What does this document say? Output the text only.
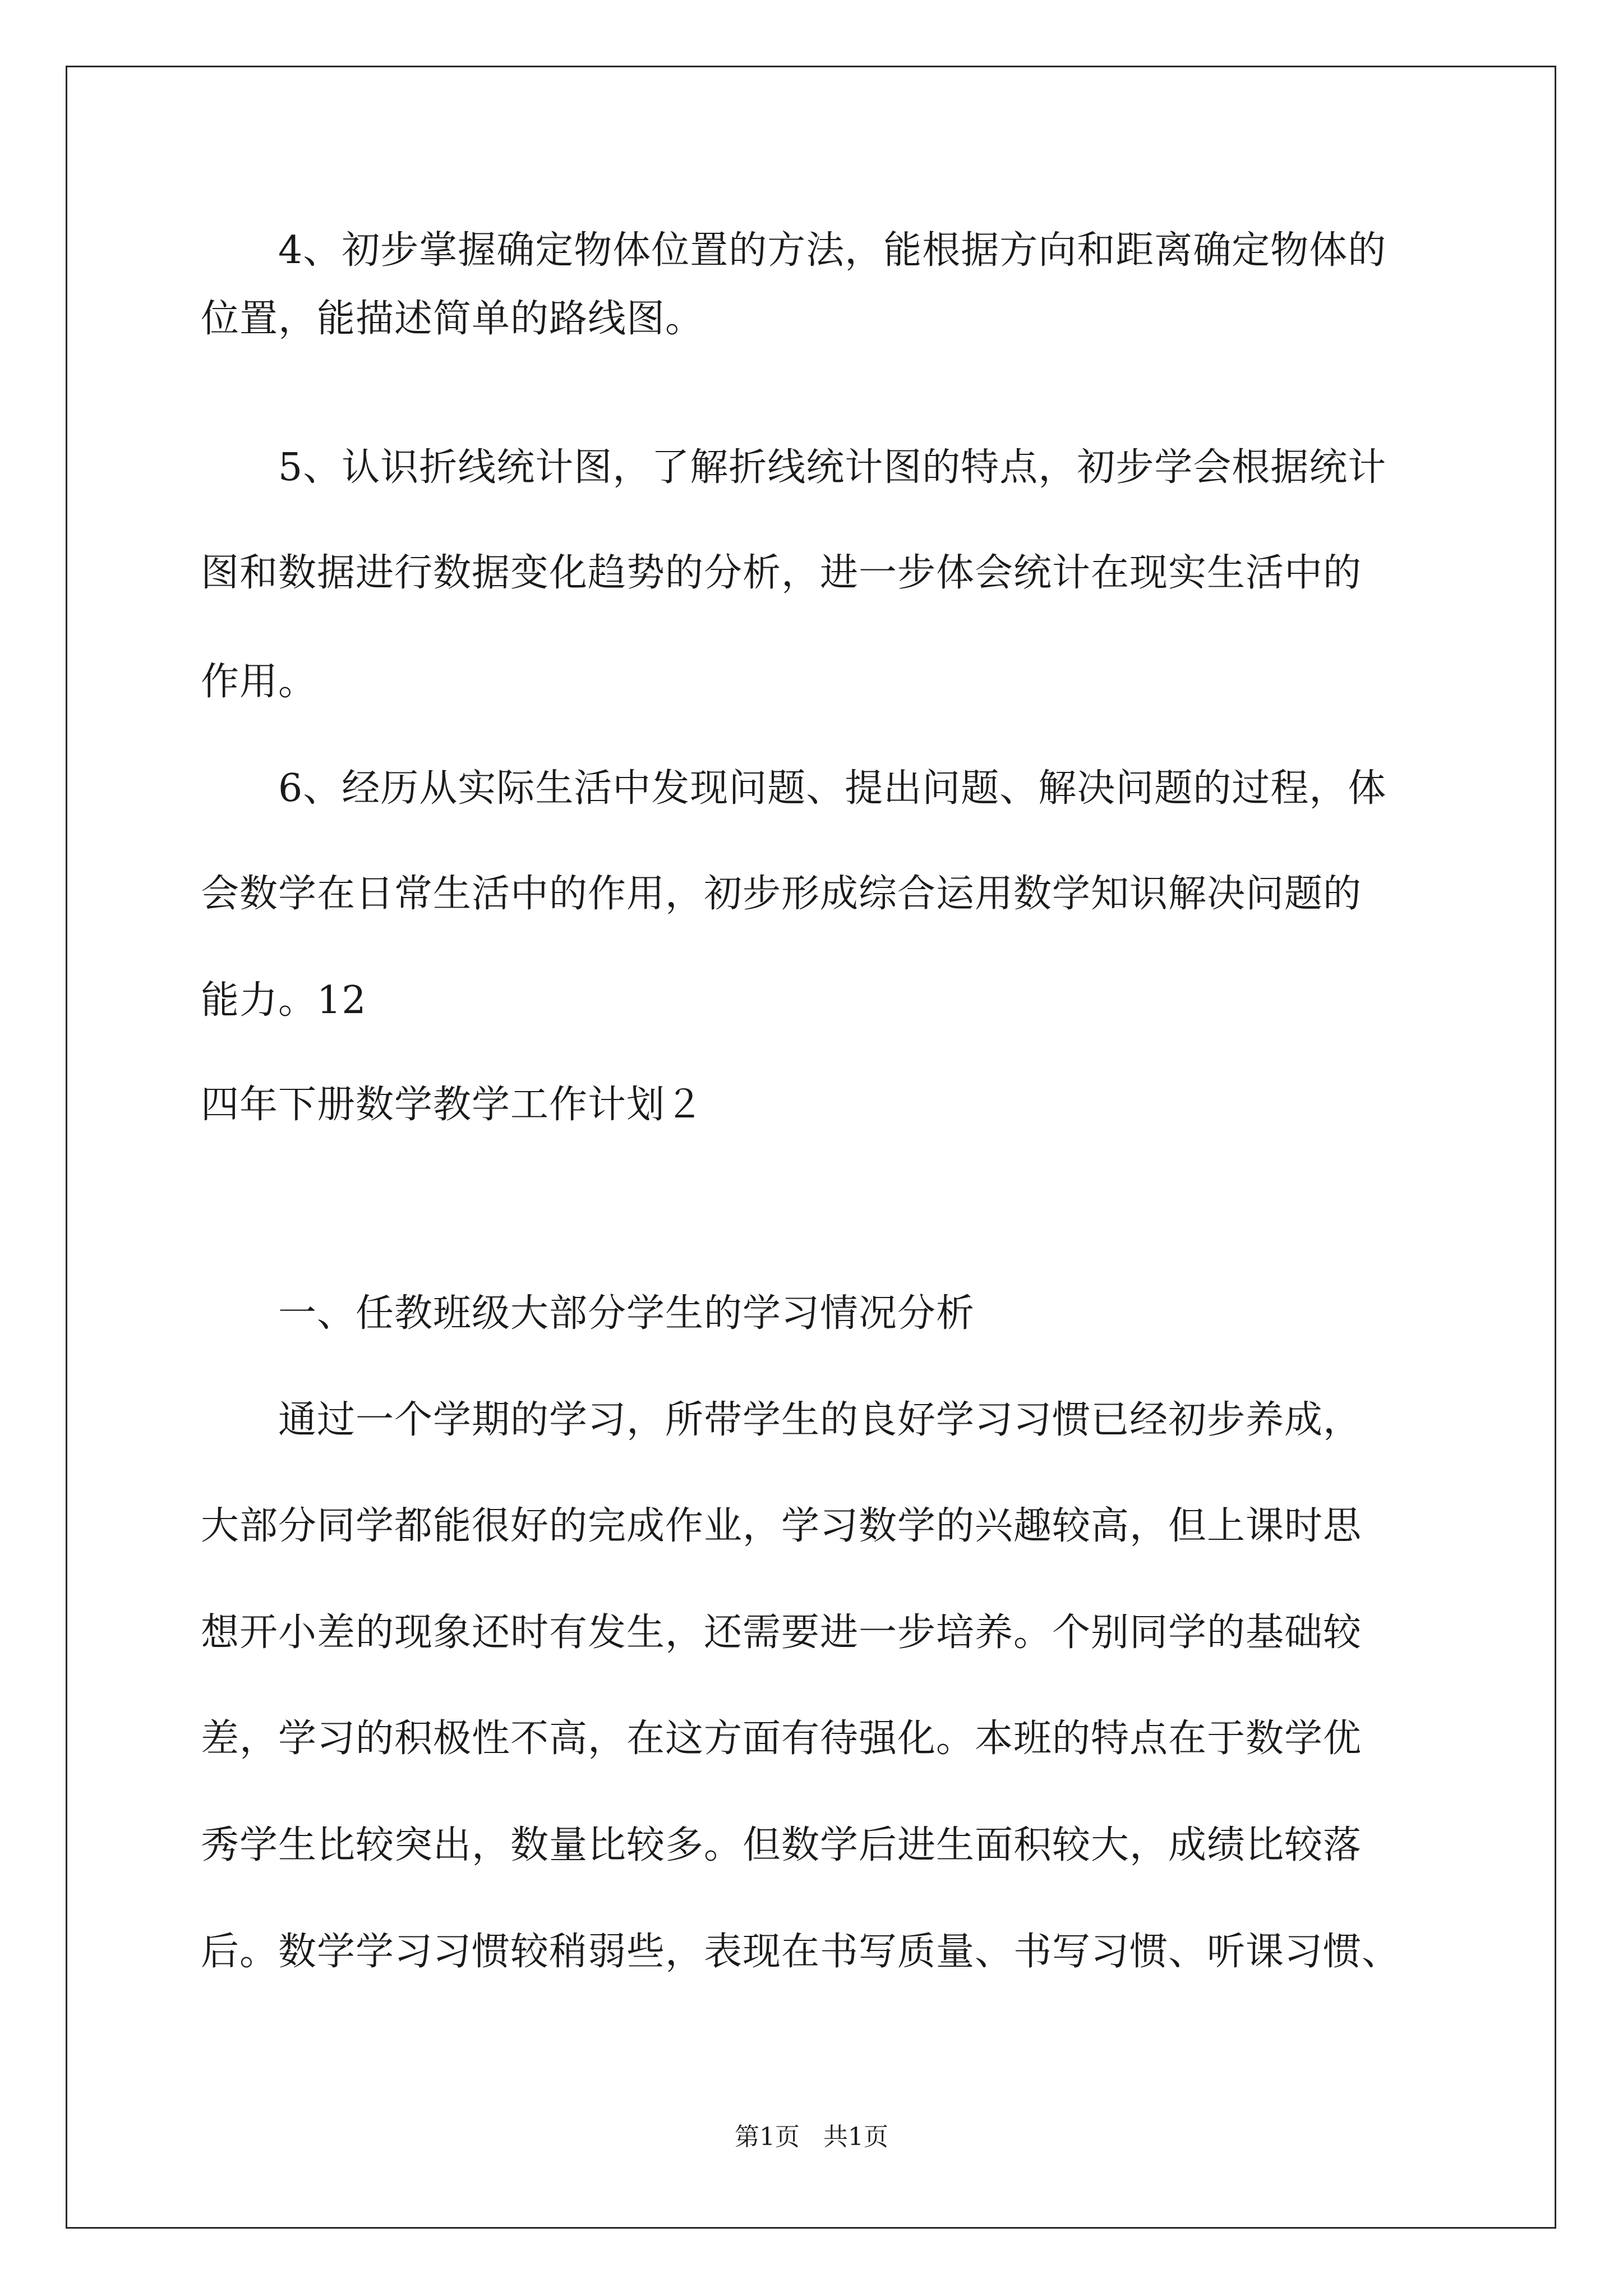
4、初步掌握确定物体位置的方法，能根据方向和距离确定物体的

位置，能描述简单的路线图。

5、认识折线统计图，了解折线统计图的特点，初步学会根据统计

图和数据进行数据变化趋势的分析，进一步体会统计在现实生活中的

作用。

6、经历从实际生活中发现问题、提出问题、解决问题的过程，体

会数学在日常生活中的作用，初步形成综合运用数学知识解决问题的

能力。12

四年下册数学教学工作计划２
一、任教班级大部分学生的学习情况分析

通过一个学期的学习，所带学生的良好学习习惯已经初步养成，

大部分同学都能很好的完成作业，学习数学的兴趣较高，但上课时思

想开小差的现象还时有发生，还需要进一步培养。个别同学的基础较

差，学习的积极性不高，在这方面有待强化。本班的特点在于数学优

秀学生比较突出，数量比较多。但数学后进生面积较大，成绩比较落

后。数学学习习惯较稍弱些，表现在书写质量、书写习惯、听课习惯、

第1页   共1页
